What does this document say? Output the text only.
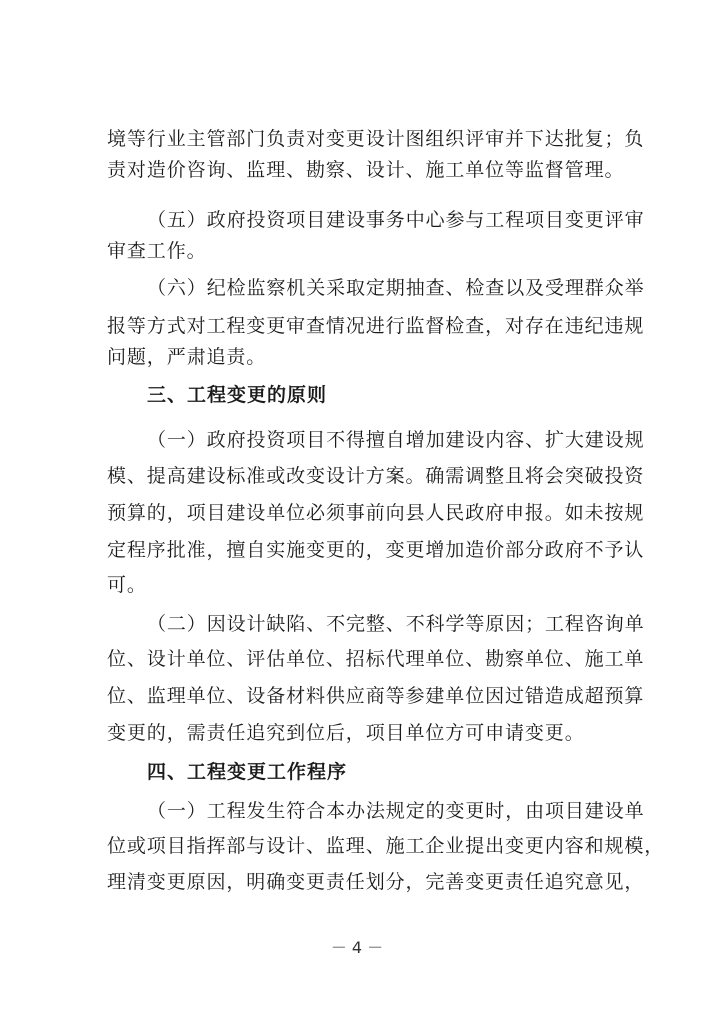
境等行业主管部门负责对变更设计图组织评审并下达批复；负
责对造价咨询、监理、勘察、设计、施工单位等监督管理。
（五）政府投资项目建设事务中心参与工程项目变更评审
审查工作。
（六）纪检监察机关采取定期抽查、检查以及受理群众举
报等方式对工程变更审查情况进行监督检查，对存在违纪违规
问题，严肃追责。
三、工程变更的原则
（一）政府投资项目不得擅自增加建设内容、扩大建设规
模、提高建设标准或改变设计方案。确需调整且将会突破投资
预算的，项目建设单位必须事前向县人民政府申报。如未按规
定程序批准，擅自实施变更的，变更增加造价部分政府不予认
可。
（二）因设计缺陷、不完整、不科学等原因；工程咨询单
位、设计单位、评估单位、招标代理单位、勘察单位、施工单
位、监理单位、设备材料供应商等参建单位因过错造成超预算
变更的，需责任追究到位后，项目单位方可申请变更。
四、工程变更工作程序
（一）工程发生符合本办法规定的变更时，由项目建设单
位或项目指挥部与设计、监理、施工企业提出变更内容和规模，
理清变更原因，明确变更责任划分，完善变更责任追究意见，
－ 4 －
